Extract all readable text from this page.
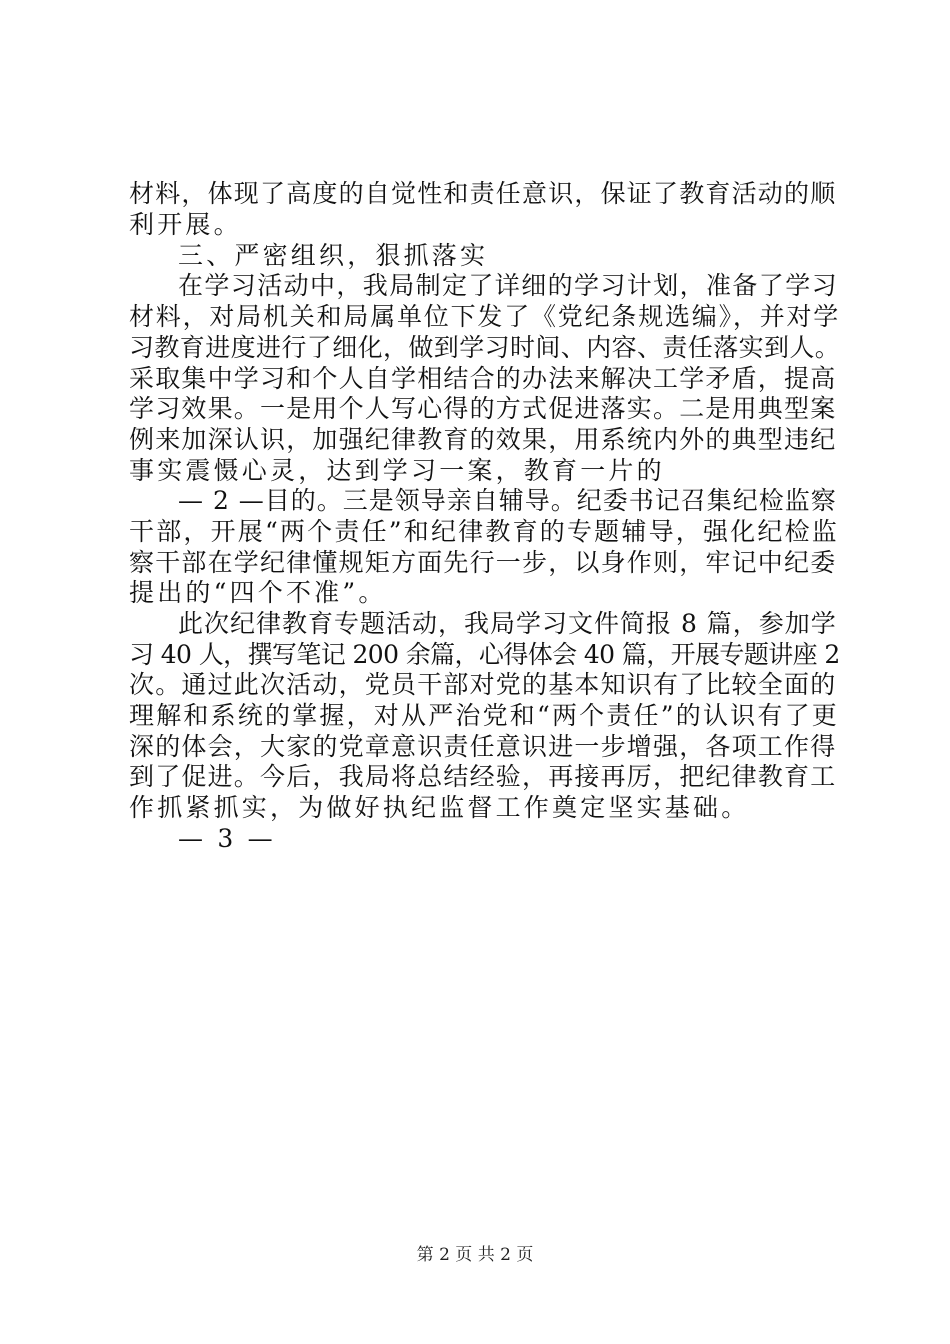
材料，体现了高度的自觉性和责任意识，保证了教育活动的顺
利开展。
三、严密组织，狠抓落实
在学习活动中，我局制定了详细的学习计划，准备了学习
材料，对局机关和局属单位下发了《党纪条规选编》，并对学
习教育进度进行了细化，做到学习时间、内容、责任落实到人。
采取集中学习和个人自学相结合的办法来解决工学矛盾，提高
学习效果。一是用个人写心得的方式促进落实。二是用典型案
例来加深认识，加强纪律教育的效果，用系统内外的典型违纪
事实震慑心灵，达到学习一案，教育一片的
— 2 —目的。三是领导亲自辅导。纪委书记召集纪检监察
干部，开展“两个责任”和纪律教育的专题辅导，强化纪检监
察干部在学纪律懂规矩方面先行一步，以身作则，牢记中纪委
提出的“四个不准”。
此次纪律教育专题活动，我局学习文件简报 8 篇，参加学
习 40 人，撰写笔记 200 余篇，心得体会 40 篇，开展专题讲座 2
次。通过此次活动，党员干部对党的基本知识有了比较全面的
理解和系统的掌握，对从严治党和“两个责任”的认识有了更
深的体会，大家的党章意识责任意识进一步增强，各项工作得
到了促进。今后，我局将总结经验，再接再厉，把纪律教育工
作抓紧抓实，为做好执纪监督工作奠定坚实基础。
— 3 —
第 2 页 共 2 页
